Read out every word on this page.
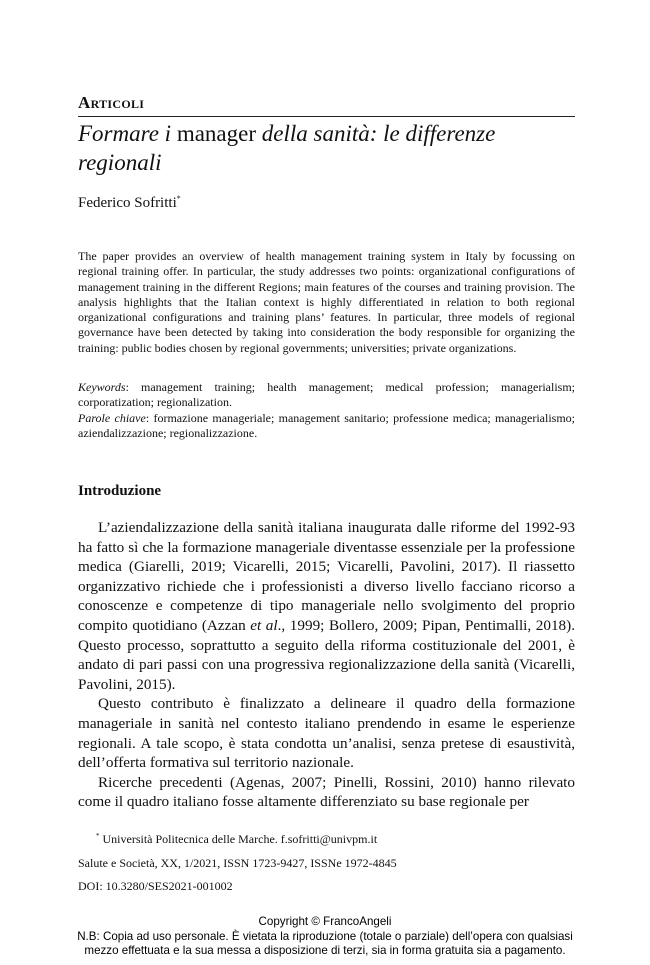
Articoli
Formare i manager della sanità: le differenze regionali
Federico Sofritti*

The paper provides an overview of health management training system in Italy by focussing on regional training offer. In particular, the study addresses two points: organizational configurations of management training in the different Regions; main features of the courses and training provision. The analysis highlights that the Italian context is highly differentiated in relation to both regional organizational configurations and training plans’ features. In particular, three models of regional governance have been detected by taking into consideration the body responsible for organizing the training: public bodies chosen by regional governments; universities; private organizations.

Keywords: management training; health management; medical profession; managerialism; corporatization; regionalization.

Parole chiave: formazione manageriale; management sanitario; professione medica; managerialismo; aziendalizzazione; regionalizzazione.

Introduzione

L’aziendalizzazione della sanità italiana inaugurata dalle riforme del 1992-93 ha fatto sì che la formazione manageriale diventasse essenziale per la professione medica (Giarelli, 2019; Vicarelli, 2015; Vicarelli, Pavolini, 2017). Il riassetto organizzativo richiede che i professionisti a diverso livello facciano ricorso a conoscenze e competenze di tipo manageriale nello svolgimento del proprio compito quotidiano (Azzan et al., 1999; Bollero, 2009; Pipan, Pentimalli, 2018). Questo processo, soprattutto a seguito della riforma costituzionale del 2001, è andato di pari passi con una progressiva regionalizzazione della sanità (Vicarelli, Pavolini, 2015).

Questo contributo è finalizzato a delineare il quadro della formazione manageriale in sanità nel contesto italiano prendendo in esame le esperienze regionali. A tale scopo, è stata condotta un’analisi, senza pretese di esaustività, dell’offerta formativa sul territorio nazionale.

Ricerche precedenti (Agenas, 2007; Pinelli, Rossini, 2010) hanno rilevato come il quadro italiano fosse altamente differenziato su base regionale per

* Università Politecnica delle Marche. f.sofritti@univpm.it
Salute e Società, XX, 1/2021, ISSN 1723-9427, ISSNe 1972-4845
DOI: 10.3280/SES2021-001002
Copyright © FrancoAngeli
N.B: Copia ad uso personale. È vietata la riproduzione (totale o parziale) dell’opera con qualsiasi
mezzo effettuata e la sua messa a disposizione di terzi, sia in forma gratuita sia a pagamento.
